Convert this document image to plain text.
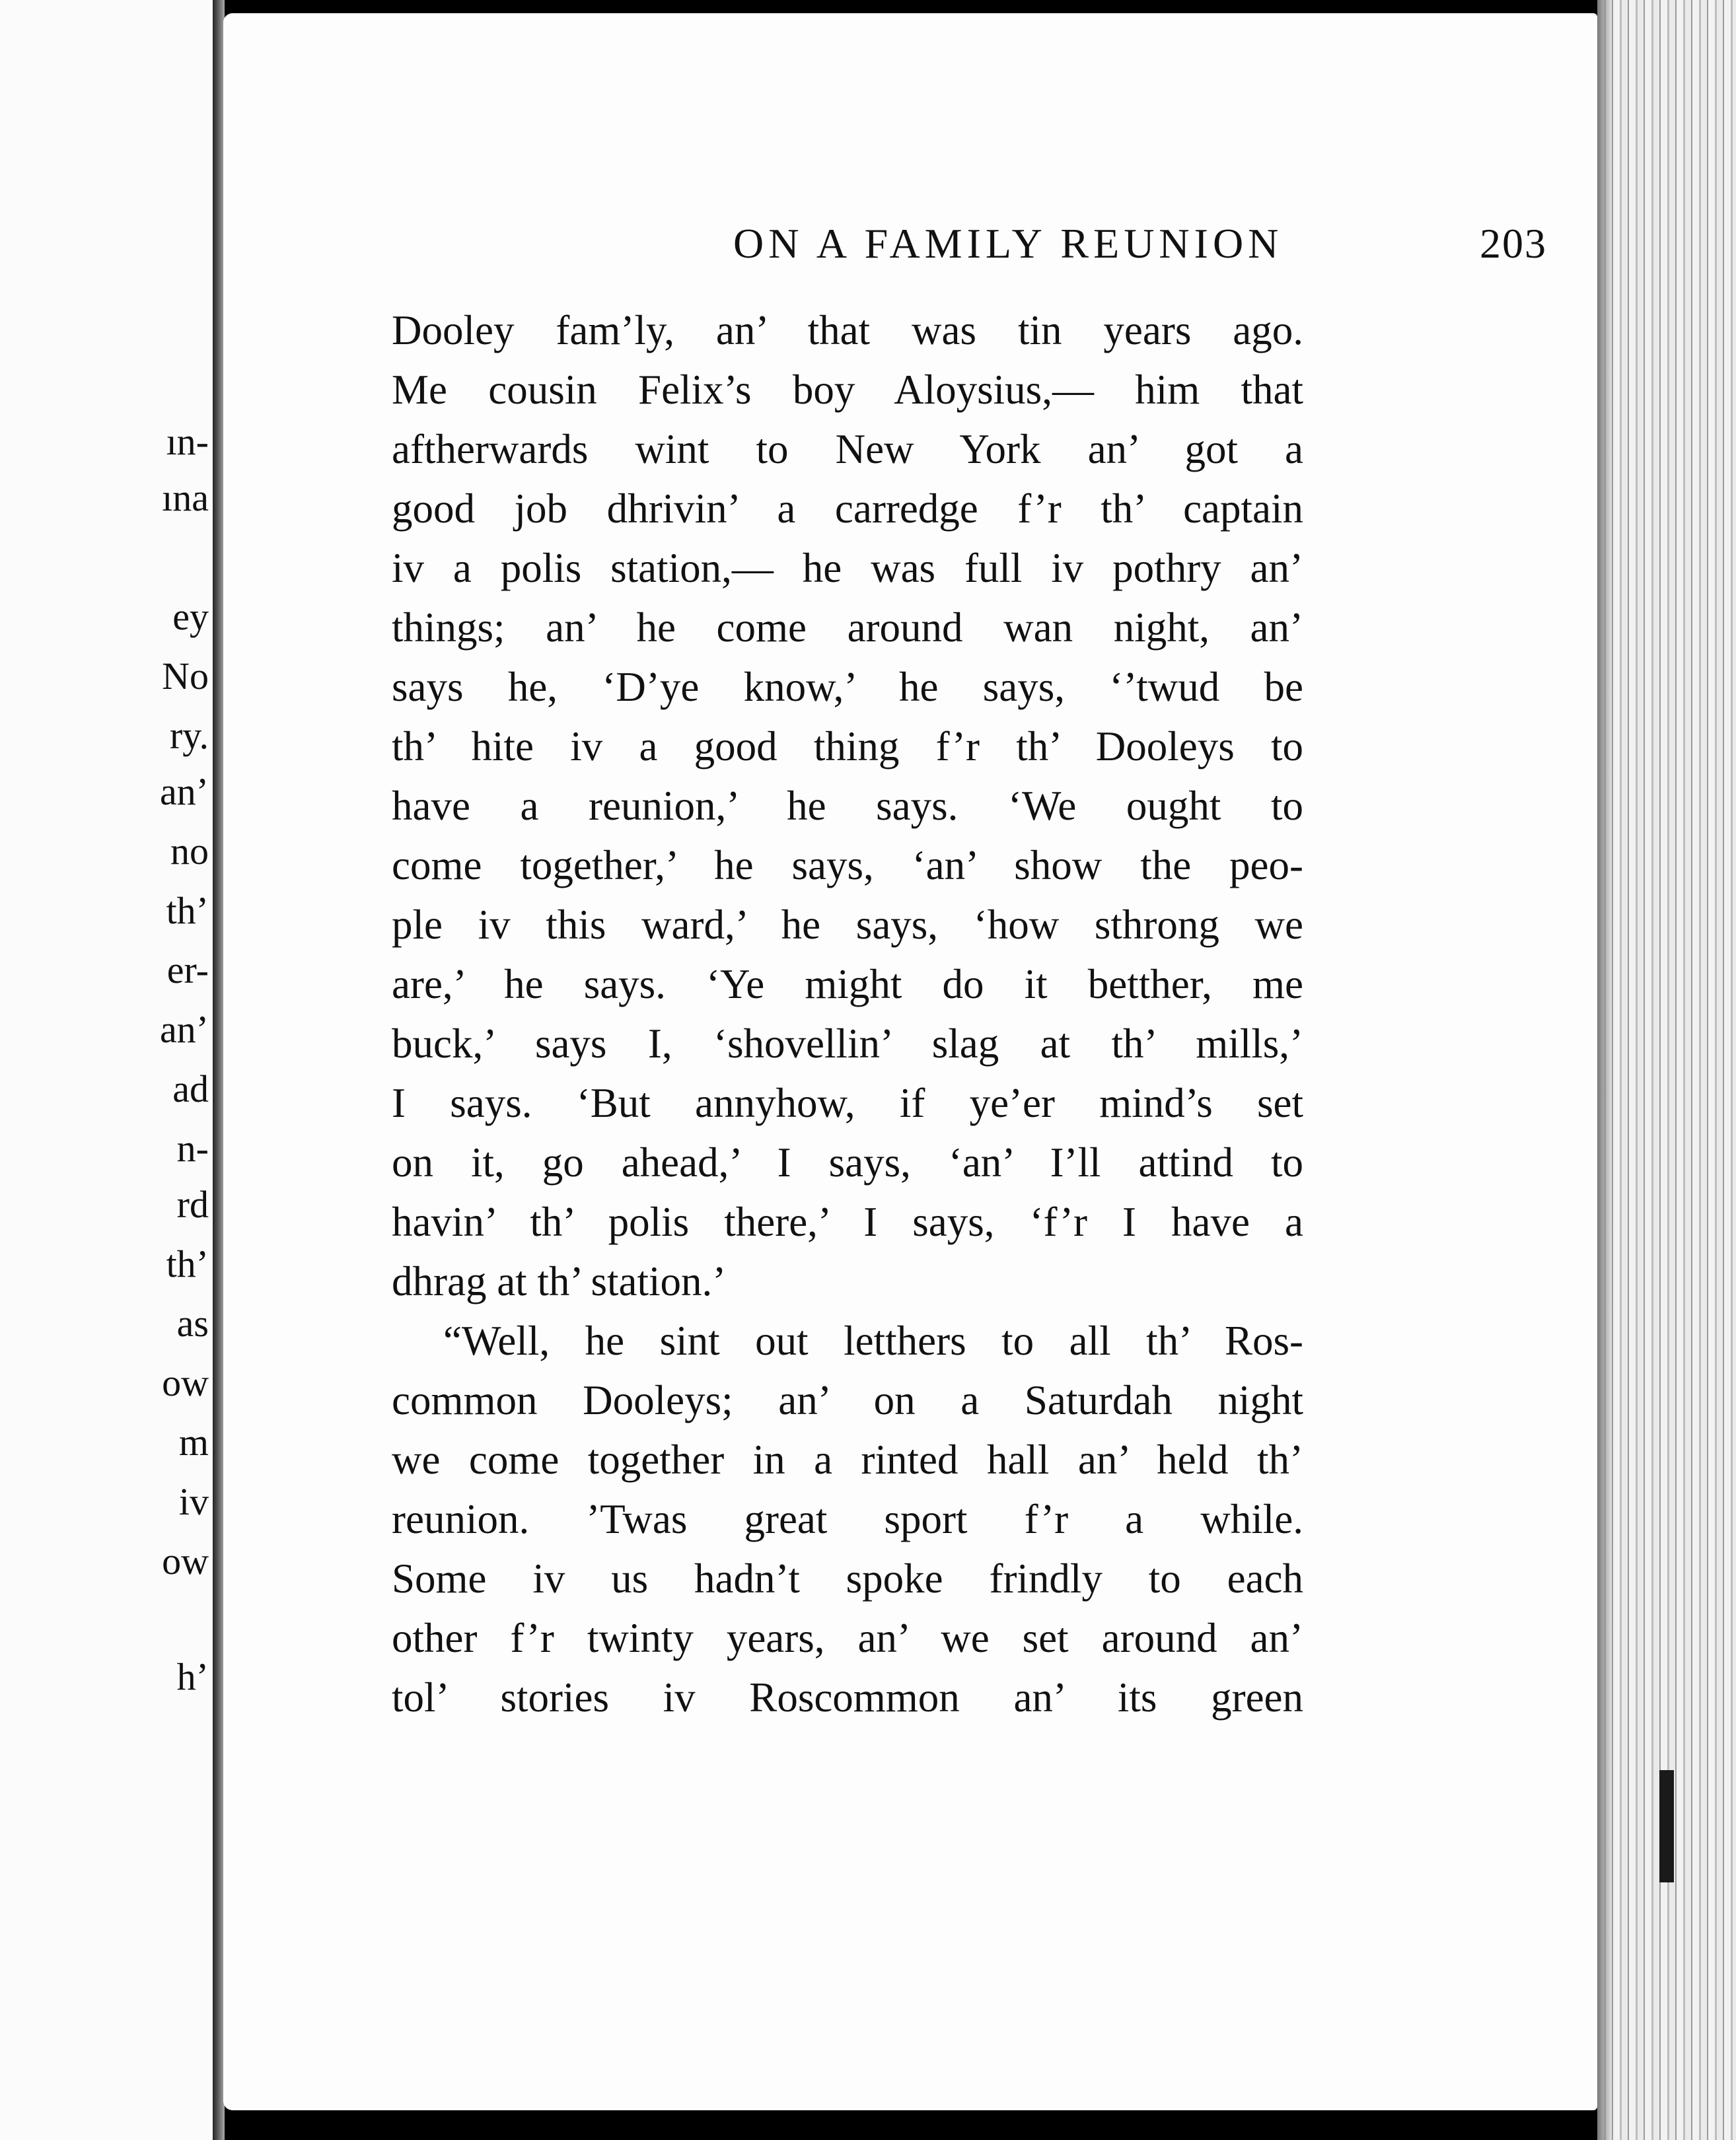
ın-
ına
ey
No
ry.
an’
no
th’
er-
an’
ad
n-
rd
th’
as
ow
m
iv
ow
h’
ON A FAMILY REUNION	203
Dooley fam’ly, an’ that was tin years ago.
Me cousin Felix’s boy Aloysius,— him that
aftherwards wint to New York an’ got a
good job dhrivin’ a carredge f’r th’ captain
iv a polis station,— he was full iv pothry an’
things; an’ he come around wan night, an’
says he, ‘D’ye know,’ he says, ‘’twud be
th’ hite iv a good thing f’r th’ Dooleys to
have a reunion,’ he says. ‘We ought to
come together,’ he says, ‘an’ show the peo-
ple iv this ward,’ he says, ‘how sthrong we
are,’ he says. ‘Ye might do it betther, me
buck,’ says I, ‘shovellin’ slag at th’ mills,’
I says. ‘But annyhow, if ye’er mind’s set
on it, go ahead,’ I says, ‘an’ I’ll attind to
havin’ th’ polis there,’ I says, ‘f’r I have a
dhrag at th’ station.’
“Well, he sint out letthers to all th’ Ros-
common Dooleys; an’ on a Saturdah night
we come together in a rinted hall an’ held th’
reunion. ’Twas great sport f’r a while.
Some iv us hadn’t spoke frindly to each
other f’r twinty years, an’ we set around an’
tol’ stories iv Roscommon an’ its green
